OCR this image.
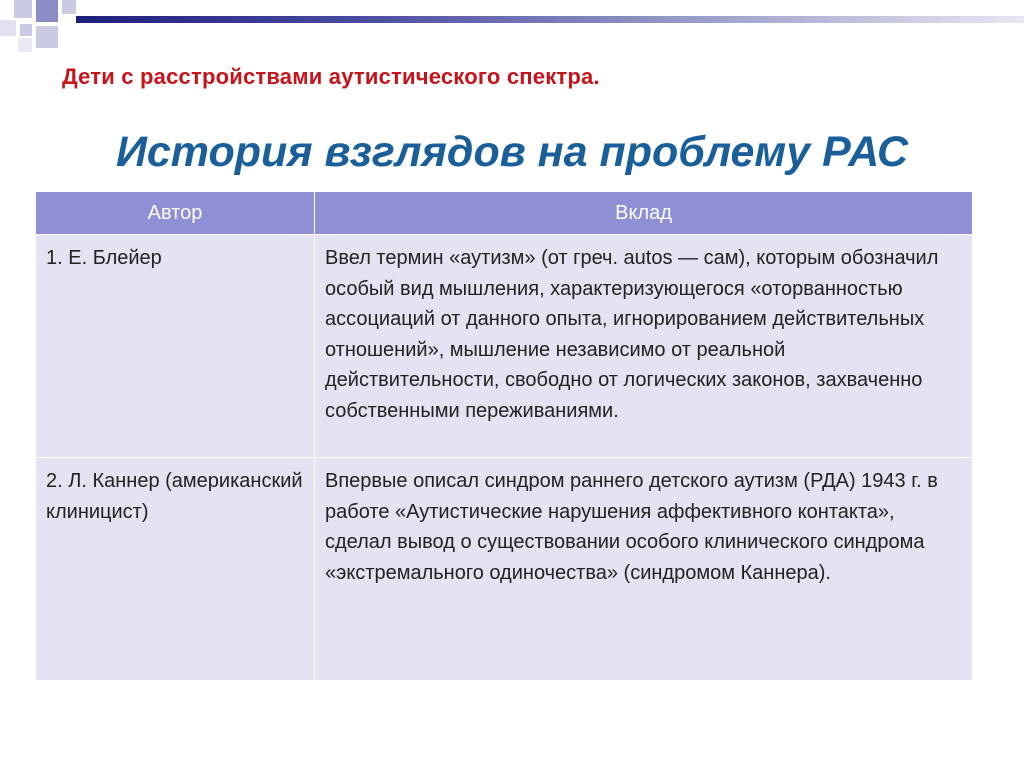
Дети с расстройствами аутистического спектра.
История взглядов на проблему РАС
Автор	Вклад
1. Е. Блейер	Ввел термин «аутизм» (от греч. autos — сам), которым обозначил особый вид мышления, характеризующегося «оторванностью ассоциаций от данного опыта, игнорированием действительных отношений», мышление независимо от реальной действительности, свободно от логических законов, захваченно собственными переживаниями.
2. Л. Каннер (американский клиницист)	Впервые описал синдром раннего детского аутизм (РДА) 1943 г. в работе «Аутистические нарушения аффективного контакта», сделал вывод о существовании особого клинического синдрома «экстремального одиночества» (синдромом Каннера).
